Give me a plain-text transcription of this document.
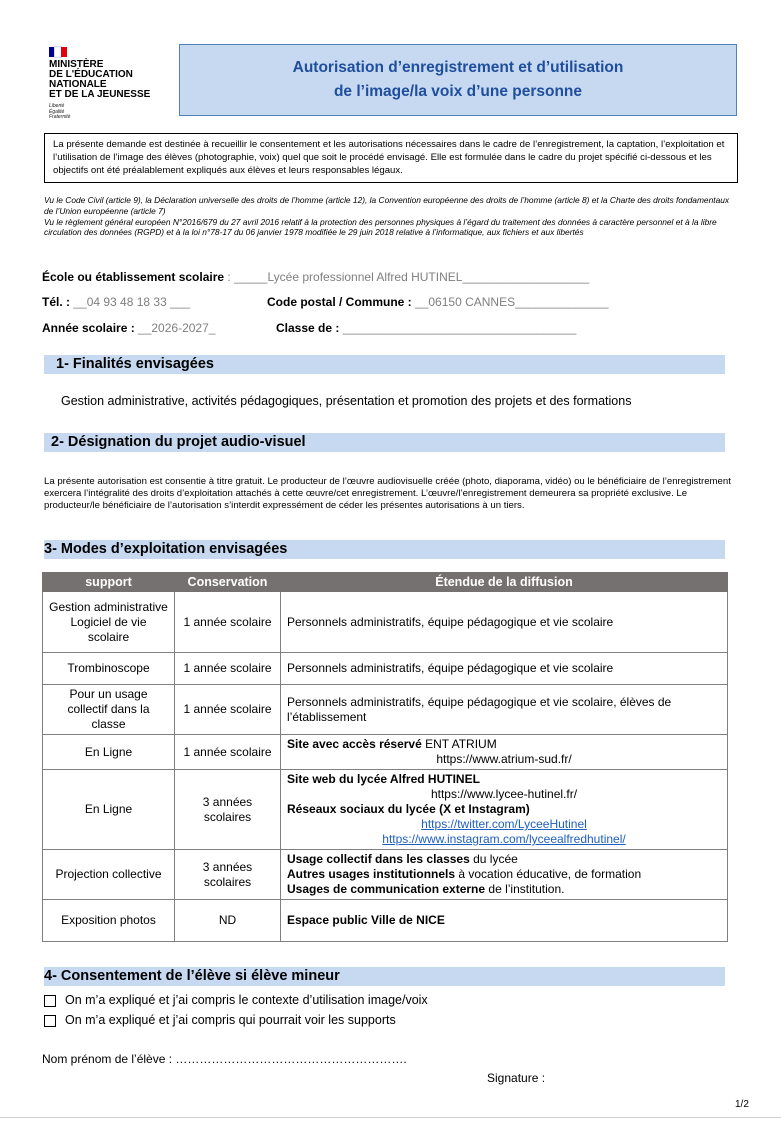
MINISTÈRE
DE L'ÉDUCATION
NATIONALE
ET DE LA JEUNESSE
Liberté
Égalité
Fraternité
Autorisation d’enregistrement et d’utilisation
de l’image/la voix d’une personne
La présente demande est destinée à recueillir le consentement et les autorisations nécessaires dans le cadre de l’enregistrement, la captation, l’exploitation et l’utilisation de l’image des élèves (photographie, voix) quel que soit le procédé envisagé. Elle est formulée dans le cadre du projet spécifié ci-dessous et les objectifs ont été préalablement expliqués aux élèves et leurs responsables légaux.
Vu le Code Civil (article 9), la Déclaration universelle des droits de l’homme (article 12), la Convention européenne des droits de l’homme (article 8) et la Charte des droits fondamentaux de l’Union européenne (article 7)
Vu le règlement général européen N°2016/679 du 27 avril 2016 relatif à la protection des personnes physiques à l’égard du traitement des données à caractère personnel et à la libre circulation des données (RGPD) et à la loi n°78-17 du 06 janvier 1978 modifiée le 29 juin 2018 relative à l’informatique, aux fichiers et aux libertés
École ou établissement scolaire : _____Lycée professionnel Alfred HUTINEL___________________
Tél. : __04 93 48 18 33 ___	Code postal / Commune : __06150 CANNES______________
Année scolaire : __2026-2027_	Classe de : ___________________________________
1- Finalités envisagées
Gestion administrative, activités pédagogiques, présentation et promotion des projets et des formations
2- Désignation du projet audio-visuel
La présente autorisation est consentie à titre gratuit. Le producteur de l’œuvre audiovisuelle créée (photo, diaporama, vidéo) ou le bénéficiaire de l’enregistrement exercera l’intégralité des droits d’exploitation attachés à cette œuvre/cet enregistrement. L’œuvre/l’enregistrement demeurera sa propriété exclusive. Le producteur/le bénéficiaire de l’autorisation s’interdit expressément de céder les présentes autorisations à un tiers.
3- Modes d’exploitation envisagées
support	Conservation	Étendue de la diffusion
Gestion administrative Logiciel de vie scolaire	1 année scolaire	Personnels administratifs, équipe pédagogique et vie scolaire
Trombinoscope	1 année scolaire	Personnels administratifs, équipe pédagogique et vie scolaire
Pour un usage collectif dans la classe	1 année scolaire	Personnels administratifs, équipe pédagogique et vie scolaire, élèves de l’établissement
En Ligne	1 année scolaire	Site avec accès réservé ENT ATRIUM
https://www.atrium-sud.fr/

En Ligne	3 années scolaires	Site web du lycée Alfred HUTINEL
https://www.lycee-hutinel.fr/
Réseaux sociaux du lycée (X et Instagram)
https://twitter.com/LyceeHutinel
https://www.instagram.com/lyceealfredhutinel/

Projection collective	3 années scolaires	Usage collectif dans les classes du lycée
Autres usages institutionnels à vocation éducative, de formation
Usages de communication externe de l’institution.

Exposition photos	ND	Espace public Ville de NICE
4- Consentement de l’élève si élève mineur
On m’a expliqué et j’ai compris le contexte d’utilisation image/voix
On m’a expliqué et j’ai compris qui pourrait voir les supports
Nom prénom de l’élève : ………………………………………………….
Signature :
1/2
